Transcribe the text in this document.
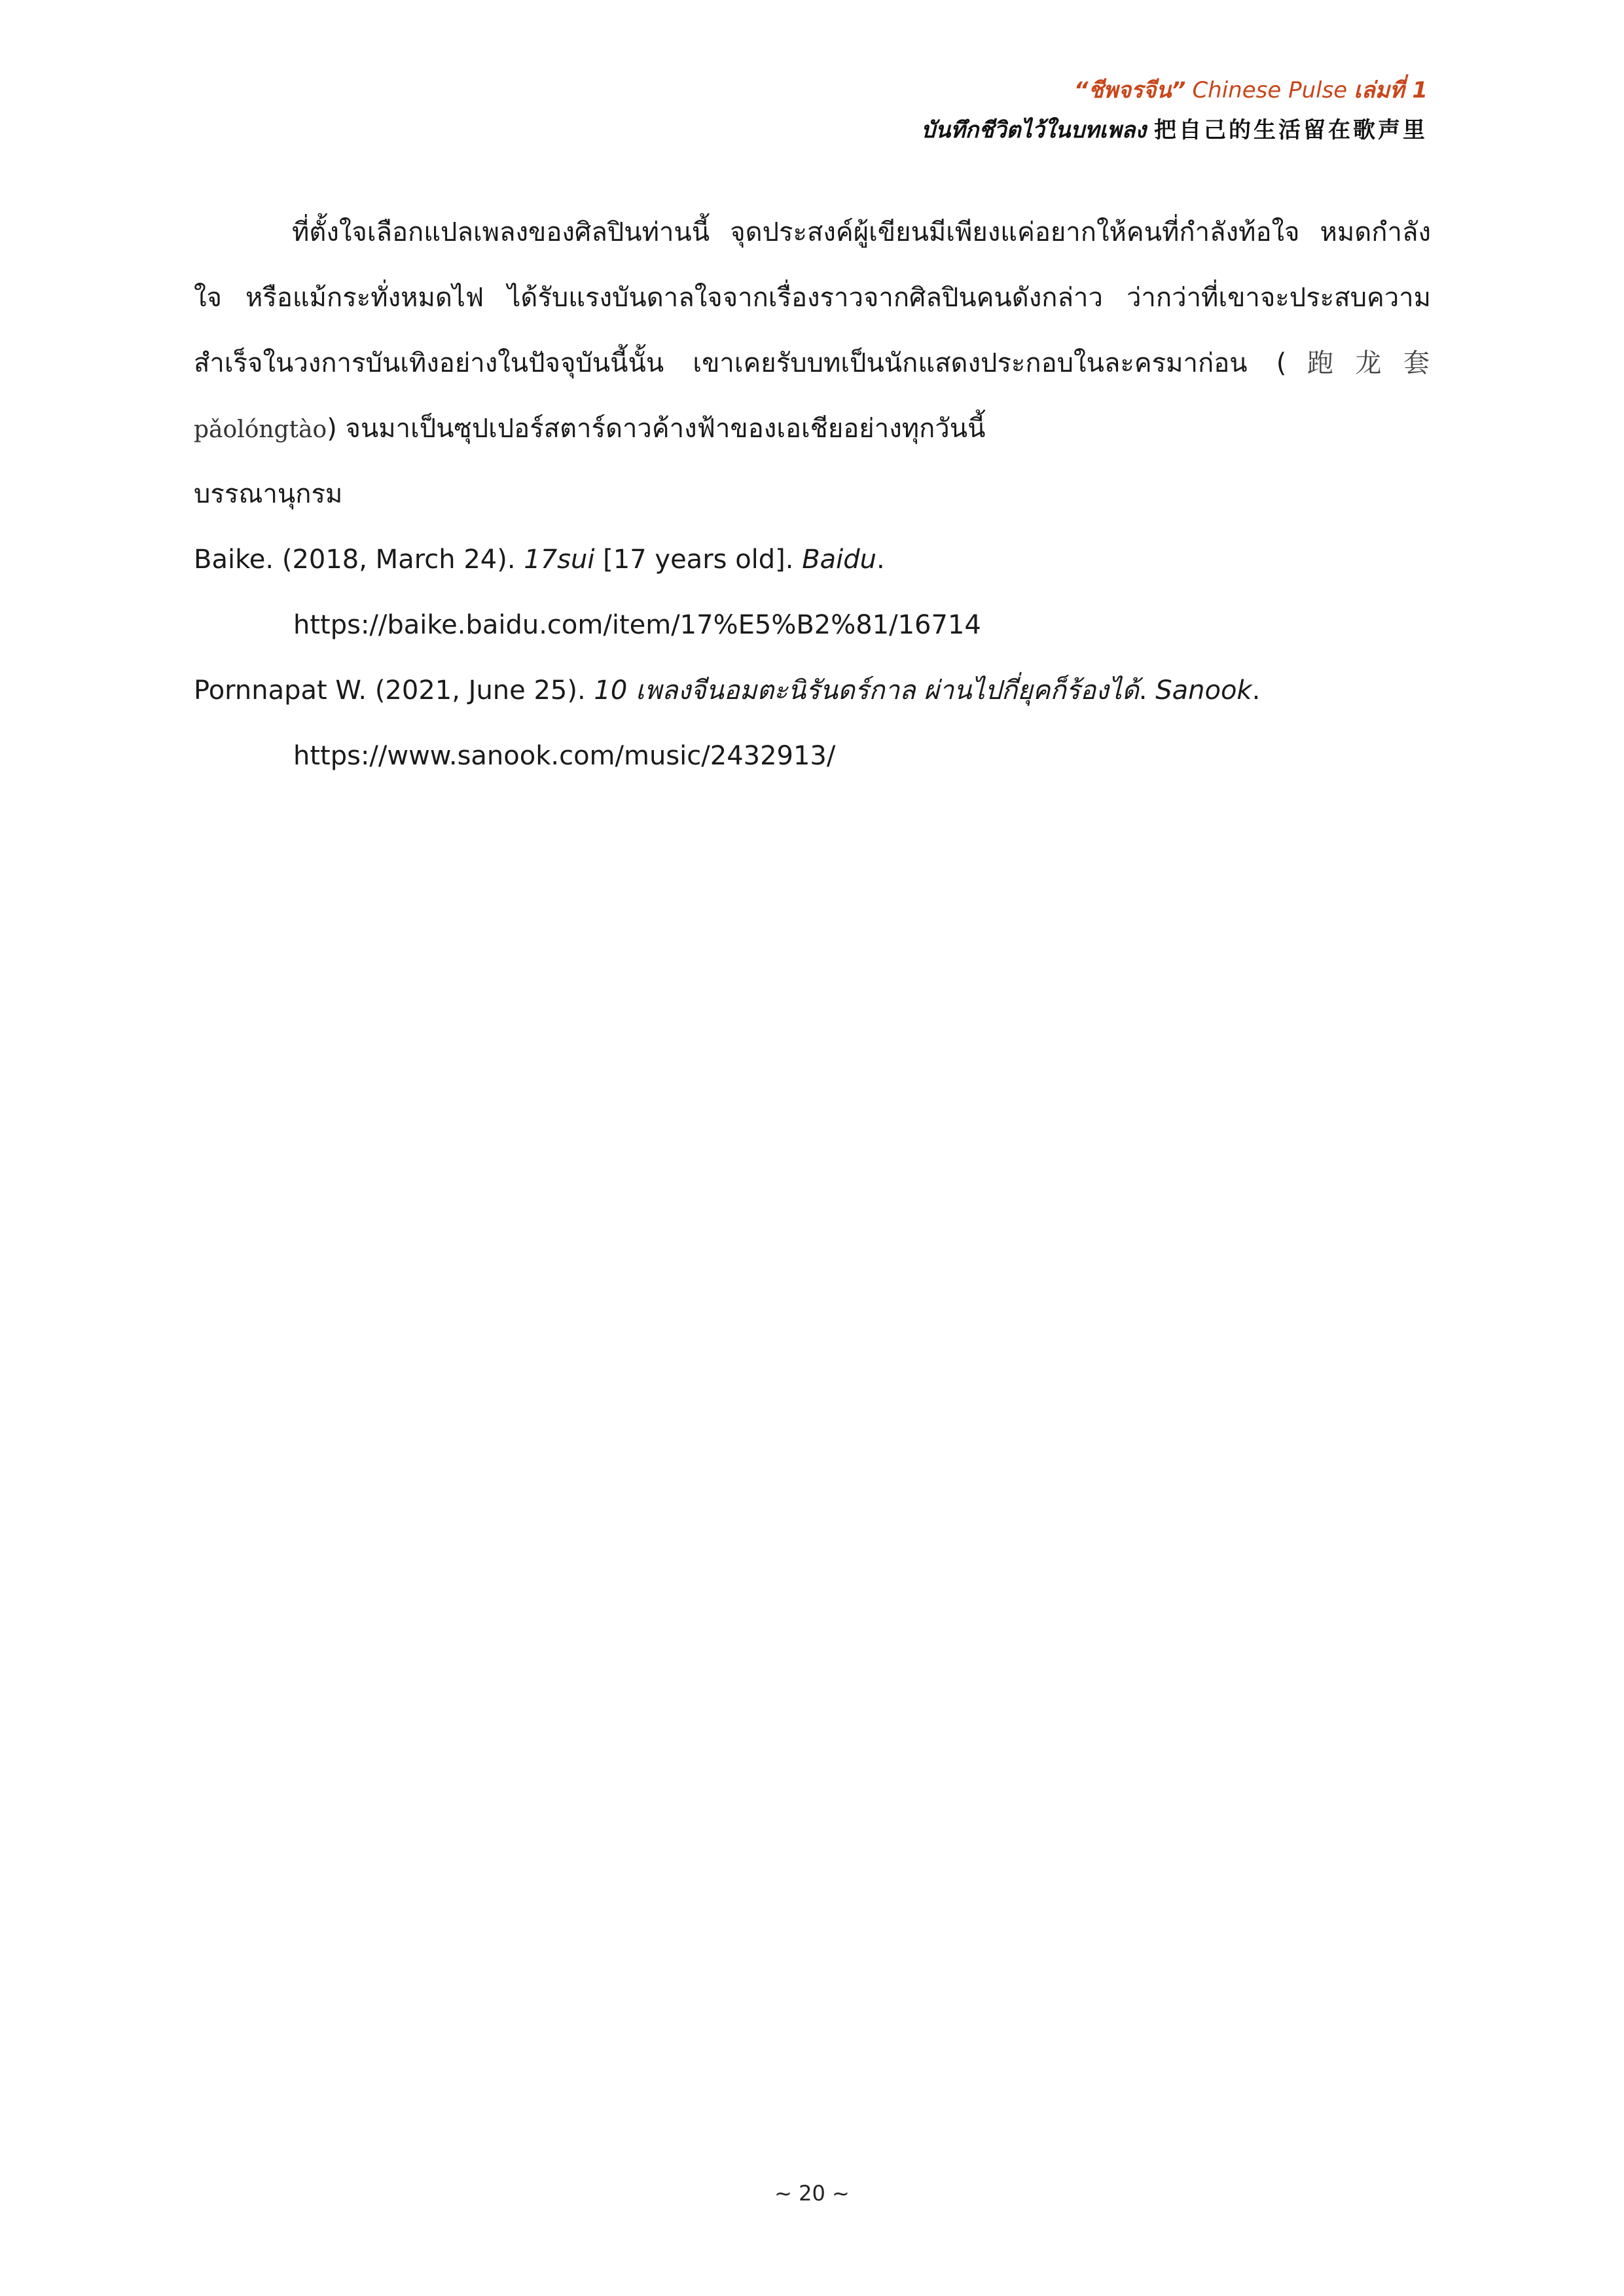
“ชีพจรจีน” Chinese Pulse เล่มที่ 1
บันทึกชีวิตไว้ในบทเพลง 把自己的生活留在歌声里

ที่ตั้งใจเลือกแปลเพลงของศิลปินท่านนี้ จุดประสงค์ผู้เขียนมีเพียงแค่อยากให้คนที่กำลังท้อใจ หมดกำลังใจ หรือแม้กระทั่งหมดไฟ ได้รับแรงบันดาลใจจากเรื่องราวจากศิลปินคนดังกล่าว ว่ากว่าที่เขาจะประสบความสำเร็จในวงการบันเทิงอย่างในปัจจุบันนี้นั้น เขาเคยรับบทเป็นนักแสดงประกอบในละครมาก่อน (跑龙套 pǎolóngtào) จนมาเป็นซุปเปอร์สตาร์ดาวค้างฟ้าของเอเชียอย่างทุกวันนี้

บรรณานุกรม

Baike. (2018, March 24). 17sui [17 years old]. Baidu.

https://baike.baidu.com/item/17%E5%B2%81/16714

Pornnapat W. (2021, June 25). 10 เพลงจีนอมตะนิรันดร์กาล ผ่านไปกี่ยุคก็ร้องได้. Sanook.

https://www.sanook.com/music/2432913/

~ 20 ~
